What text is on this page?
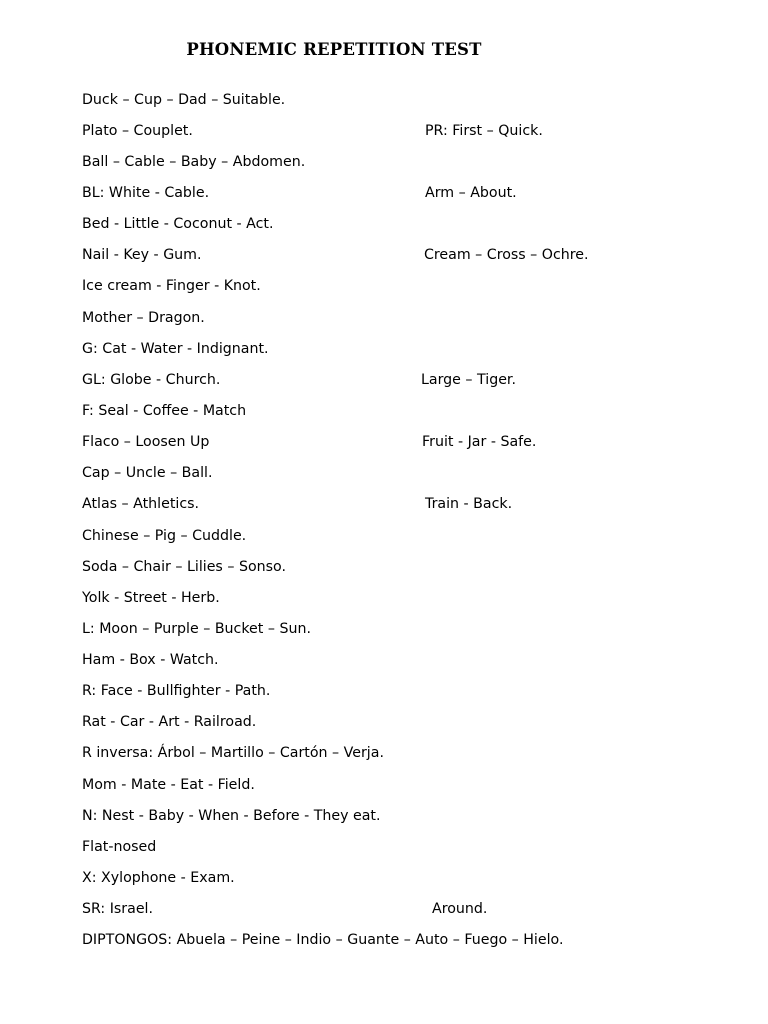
PHONEMIC REPETITION TEST
Duck – Cup – Dad – Suitable.
Plato – Couplet.	PR: First – Quick.
Ball – Cable – Baby – Abdomen.
BL: White - Cable.	Arm – About.
Bed - Little - Coconut - Act.
Nail - Key - Gum.	Cream – Cross – Ochre.
Ice cream - Finger - Knot.
Mother – Dragon.
G: Cat - Water - Indignant.
GL: Globe - Church.	Large – Tiger.
F: Seal - Coffee - Match
Flaco – Loosen Up	Fruit - Jar - Safe.
Cap – Uncle – Ball.
Atlas – Athletics.	Train - Back.
Chinese – Pig – Cuddle.
Soda – Chair – Lilies – Sonso.
Yolk - Street - Herb.
L: Moon – Purple – Bucket – Sun.
Ham - Box - Watch.
R: Face - Bullfighter - Path.
Rat - Car - Art - Railroad.
R inversa: Árbol – Martillo – Cartón – Verja.
Mom - Mate - Eat - Field.
N: Nest - Baby - When - Before - They eat.
Flat-nosed
X: Xylophone - Exam.
SR: Israel.	Around.
DIPTONGOS: Abuela – Peine – Indio – Guante – Auto – Fuego – Hielo.
